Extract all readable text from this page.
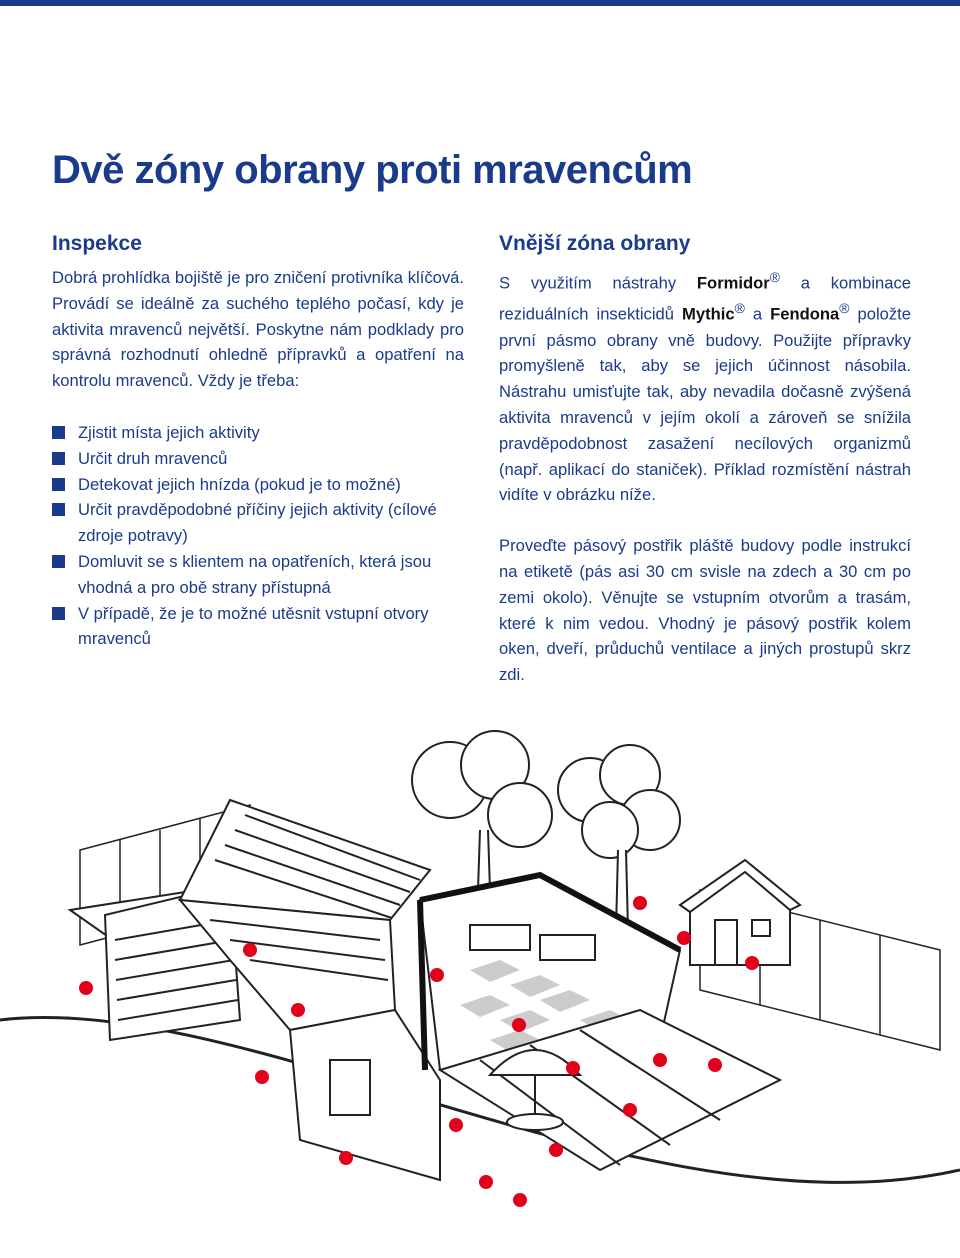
Dvě zóny obrany proti mravencům
Inspekce

Dobrá prohlídka bojiště je pro zničení protivníka klíčová. Provádí se ideálně za suchého teplého počasí, kdy je aktivita mravenců největší. Poskytne nám podklady pro správná rozhodnutí ohledně přípravků a opatření na kontrolu mravenců. Vždy je třeba:

Zjistit místa jejich aktivity
Určit druh mravenců
Detekovat jejich hnízda (pokud je to možné)
Určit pravděpodobné příčiny jejich aktivity (cílové zdroje potravy)
Domluvit se s klientem na opatřeních, která jsou vhodná a pro obě strany přístupná
V případě, že je to možné utěsnit vstupní otvory mravenců
Vnější zóna obrany

S využitím nástrahy Formidor® a kombinace reziduálních insekticidů Mythic® a Fendona® položte první pásmo obrany vně budovy. Použijte přípravky promyšleně tak, aby se jejich účinnost násobila. Nástrahu umisťujte tak, aby nevadila dočasně zvýšená aktivita mravenců v jejím okolí a zároveň se snížila pravděpodobnost zasažení necílových organizmů (např. aplikací do staniček). Příklad rozmístění nástrah vidíte v obrázku níže.

Proveďte pásový postřik pláště budovy podle instrukcí na etiketě (pás asi 30 cm svisle na zdech a 30 cm po zemi okolo). Věnujte se vstupním otvorům a trasám, které k nim vedou. Vhodný je pásový postřik kolem oken, dveří, průduchů ventilace a jiných prostupů skrz zdi.
